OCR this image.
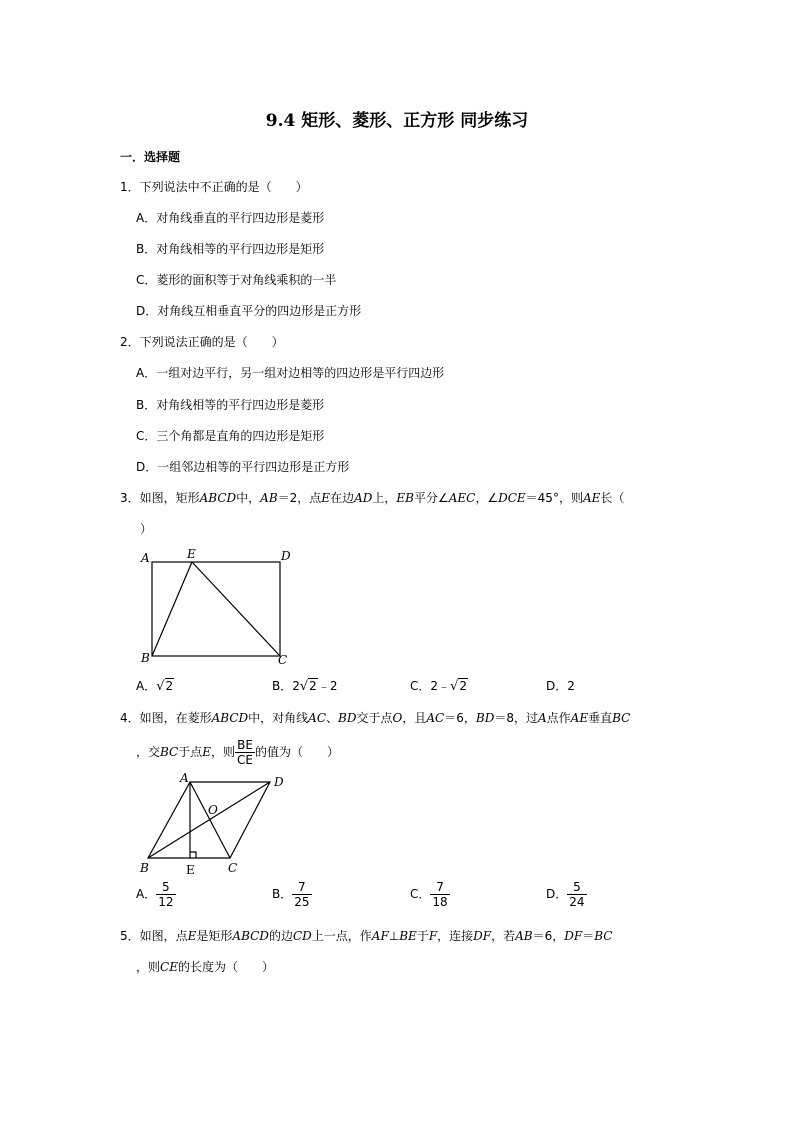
9.4 矩形、菱形、正方形 同步练习
一．选择题
1．下列说法中不正确的是（　　）
A．对角线垂直的平行四边形是菱形
B．对角线相等的平行四边形是矩形
C．菱形的面积等于对角线乘积的一半
D．对角线互相垂直平分的四边形是正方形
2．下列说法正确的是（　　）
A．一组对边平行，另一组对边相等的四边形是平行四边形
B．对角线相等的平行四边形是菱形
C．三个角都是直角的四边形是矩形
D．一组邻边相等的平行四边形是正方形
3．如图，矩形ABCD中，AB＝2，点E在边AD上，EB平分∠AEC，∠DCE＝45°，则AE长（
）
A	E	D
B	C
A．√2	B．2√2﹣2	C．2﹣√2	D．2
4．如图，在菱形ABCD中，对角线AC、BD交于点O，且AC＝6，BD＝8，过A点作AE垂直BC
，交BC于点E，则 $\frac{BE}{CE}$ 的值为（　　）
A	D
O
B	E	C
A． $\frac{5}{12}$	B． $\frac{7}{25}$	C． $\frac{7}{18}$	D． $\frac{5}{24}$
5．如图，点E是矩形ABCD的边CD上一点，作AF⊥BE于F，连接DF，若AB＝6，DF＝BC
，则CE的长度为（　　）
